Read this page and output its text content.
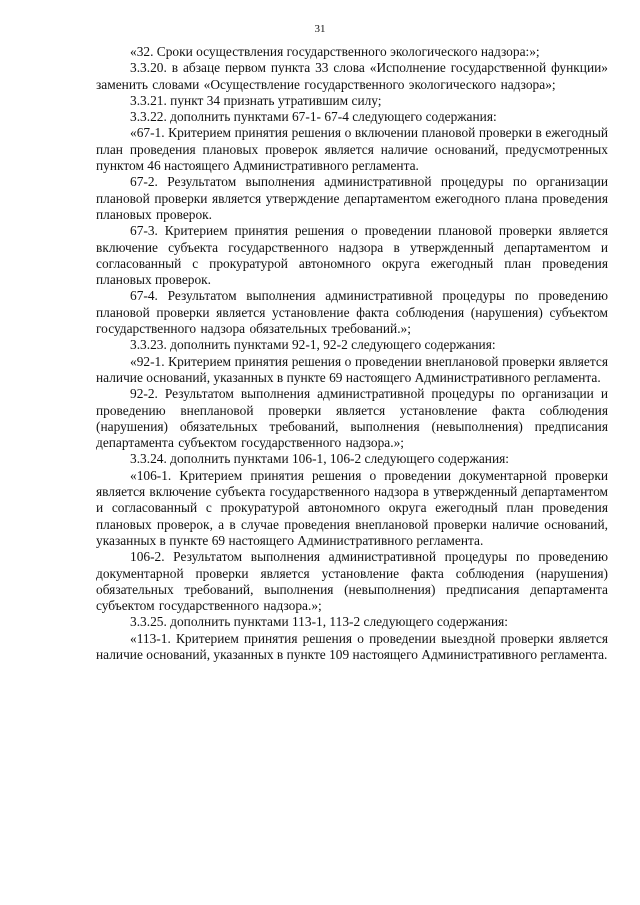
31

«32. Сроки осуществления государственного экологического надзора:»;

3.3.20. в абзаце первом пункта 33 слова «Исполнение государственной функции» заменить словами «Осуществление государственного экологического надзора»;

3.3.21. пункт 34 признать утратившим силу;

3.3.22. дополнить пунктами 67-1- 67-4 следующего содержания:

«67-1. Критерием принятия решения о включении плановой проверки в ежегодный план проведения плановых проверок является наличие оснований, предусмотренных пунктом 46 настоящего Административного регламента.

67-2. Результатом выполнения административной процедуры по организации плановой проверки является утверждение департаментом ежегодного плана проведения плановых проверок.

67-3. Критерием принятия решения о проведении плановой проверки является включение субъекта государственного надзора в утвержденный департаментом и согласованный с прокуратурой автономного округа ежегодный план проведения плановых проверок.

67-4. Результатом выполнения административной процедуры по проведению плановой проверки является установление факта соблюдения (нарушения) субъектом государственного надзора обязательных требований.»;

3.3.23. дополнить пунктами 92-1, 92-2 следующего содержания:

«92-1. Критерием принятия решения о проведении внеплановой проверки является наличие оснований, указанных в пункте 69 настоящего Административного регламента.

92-2. Результатом выполнения административной процедуры по организации и проведению внеплановой проверки является установление факта соблюдения (нарушения) обязательных требований, выполнения (невыполнения) предписания департамента субъектом государственного надзора.»;

3.3.24. дополнить пунктами 106-1, 106-2 следующего содержания:

«106-1. Критерием принятия решения о проведении документарной проверки является включение субъекта государственного надзора в утвержденный департаментом и согласованный с прокуратурой автономного округа ежегодный план проведения плановых проверок, а в случае проведения внеплановой проверки наличие оснований, указанных в пункте 69 настоящего Административного регламента.

106-2. Результатом выполнения административной процедуры по проведению документарной проверки является установление факта соблюдения (нарушения) обязательных требований, выполнения (невыполнения) предписания департамента субъектом государственного надзора.»;

3.3.25. дополнить пунктами 113-1, 113-2 следующего содержания:

«113-1. Критерием принятия решения о проведении выездной проверки является наличие оснований, указанных в пункте 109 настоящего Административного регламента.
